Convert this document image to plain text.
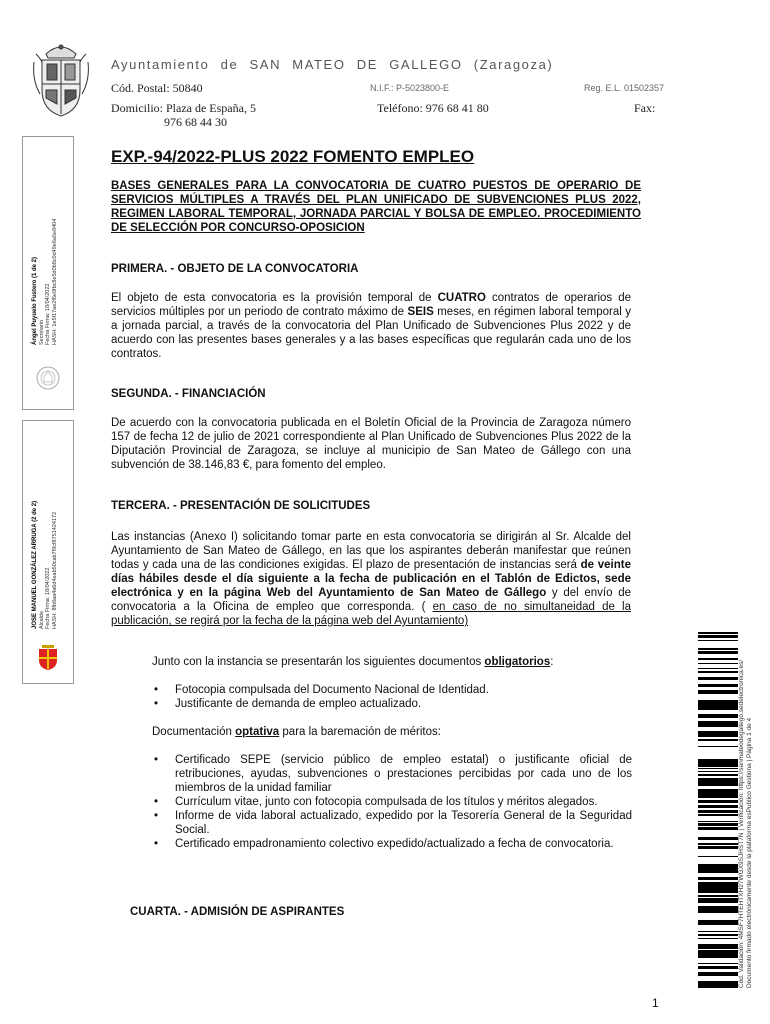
Ayuntamiento de SAN MATEO DE GALLEGO (Zaragoza)
Cód. Postal: 50840	N.I.F.: P-5023800-E	Reg. E.L. 01502357
Domicilio: Plaza de España, 5	Teléfono: 976 68 41 80	Fax:
976 68 44 30
EXP.-94/2022-PLUS 2022 FOMENTO EMPLEO
BASES GENERALES PARA LA CONVOCATORIA DE CUATRO PUESTOS DE OPERARIO DE SERVICIOS MÚLTIPLES A TRAVÉS DEL PLAN UNIFICADO DE SUBVENCIONES PLUS 2022, REGIMEN LABORAL TEMPORAL, JORNADA PARCIAL Y BOLSA DE EMPLEO. PROCEDIMIENTO DE SELECCIÓN POR CONCURSO-OPOSICION
PRIMERA. - OBJETO DE LA CONVOCATORIA
El objeto de esta convocatoria es la provisión temporal de CUATRO contratos de operarios de servicios múltiples por un periodo de contrato máximo de SEIS meses, en régimen laboral temporal y a jornada parcial, a través de la convocatoria del Plan Unificado de Subvenciones Plus 2022 y de acuerdo con las presentes bases generales y a las bases específicas que regularán cada uno de los contratos.
SEGUNDA. - FINANCIACIÓN
De acuerdo con la convocatoria publicada en el Boletín Oficial de la Provincia de Zaragoza número 157 de fecha 12 de julio de 2021 correspondiente al Plan Unificado de Subvenciones Plus 2022 de la Diputación Provincial de Zaragoza, se incluye al municipio de San Mateo de Gállego con una subvención de 38.146,83 €, para fomento del empleo.
TERCERA. - PRESENTACIÓN DE SOLICITUDES
Las instancias (Anexo I) solicitando tomar parte en esta convocatoria se dirigirán al Sr. Alcalde del Ayuntamiento de San Mateo de Gállego, en las que los aspirantes deberán manifestar que reúnen todas y cada una de las condiciones exigidas. El plazo de presentación de instancias será de veinte días hábiles desde el día siguiente a la fecha de publicación en el Tablón de Edictos, sede electrónica y en la página Web del Ayuntamiento de San Mateo de Gállego y del envío de convocatoria a la Oficina de empleo que corresponda. ( en caso de no simultaneidad de la publicación, se regirá por la fecha de la página web del Ayuntamiento)
Junto con la instancia se presentarán los siguientes documentos obligatorios:
• Fotocopia compulsada del Documento Nacional de Identidad.
• Justificante de demanda de empleo actualizado.
Documentación optativa para la baremación de méritos:
• Certificado SEPE (servicio público de empleo estatal) o justificante oficial de retribuciones, ayudas, subvenciones o prestaciones percibidas por cada uno de los miembros de la unidad familiar
• Currículum vitae, junto con fotocopia compulsada de los títulos y méritos alegados.
• Informe de vida laboral actualizado, expedido por la Tesorería General de la Seguridad Social.
• Certificado empadronamiento colectivo expedido/actualizado a fecha de convocatoria.
CUARTA. - ADMISIÓN DE ASPIRANTES
Ángel Puyuelo Fustero (1 de 2)
Secretario
Fecha Firma: 18/04/2022
HASH: 1e5f17ae2f6e0fbc8e5d0b8c0d49e6a5e8404
JOSE MANUEL GONZÁLEZ ARRUGA (2 de 2)
Alcalde
Fecha Firma: 18/04/2022
HASH: 8fb8aa4a6d4eab50cab7f9cf8751424172
Cód. Validación: 4MSF7HTEHTXH27WGX9SJHST7N | Verificación: https://sanmateodegallego.sedelectronica.es/
Documento firmado electrónicamente desde la plataforma esPublico Gestiona | Página 1 de 4
1
